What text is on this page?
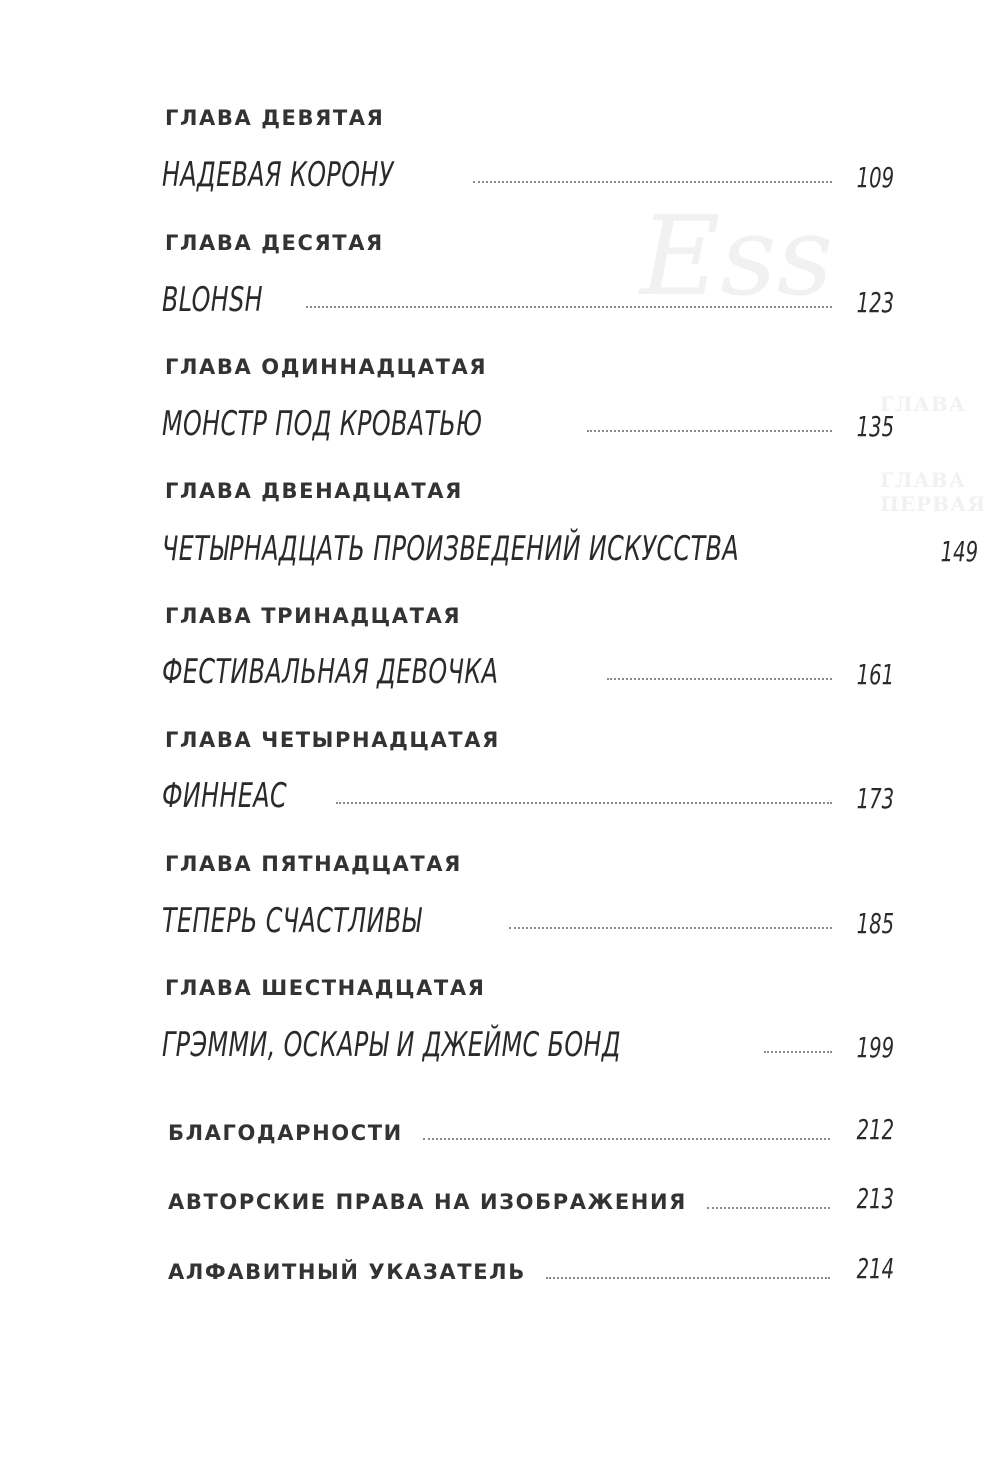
Ess
ГЛАВА
ГЛАВА ПЕРВАЯ
ГЛАВА ДЕВЯТАЯ
НАДЕВАЯ КОРОНУ	109
ГЛАВА ДЕСЯТАЯ
BLOHSH	123
ГЛАВА ОДИННАДЦАТАЯ
МОНСТР ПОД КРОВАТЬЮ	135
ГЛАВА ДВЕНАДЦАТАЯ
ЧЕТЫРНАДЦАТЬ ПРОИЗВЕДЕНИЙ ИСКУССТВА	149
ГЛАВА ТРИНАДЦАТАЯ
ФЕСТИВАЛЬНАЯ ДЕВОЧКА	161
ГЛАВА ЧЕТЫРНАДЦАТАЯ
ФИННЕАС	173
ГЛАВА ПЯТНАДЦАТАЯ
ТЕПЕРЬ СЧАСТЛИВЫ	185
ГЛАВА ШЕСТНАДЦАТАЯ
ГРЭММИ, ОСКАРЫ И ДЖЕЙМС БОНД	199
БЛАГОДАРНОСТИ	212
АВТОРСКИЕ ПРАВА НА ИЗОБРАЖЕНИЯ	213
АЛФАВИТНЫЙ УКАЗАТЕЛЬ	214
